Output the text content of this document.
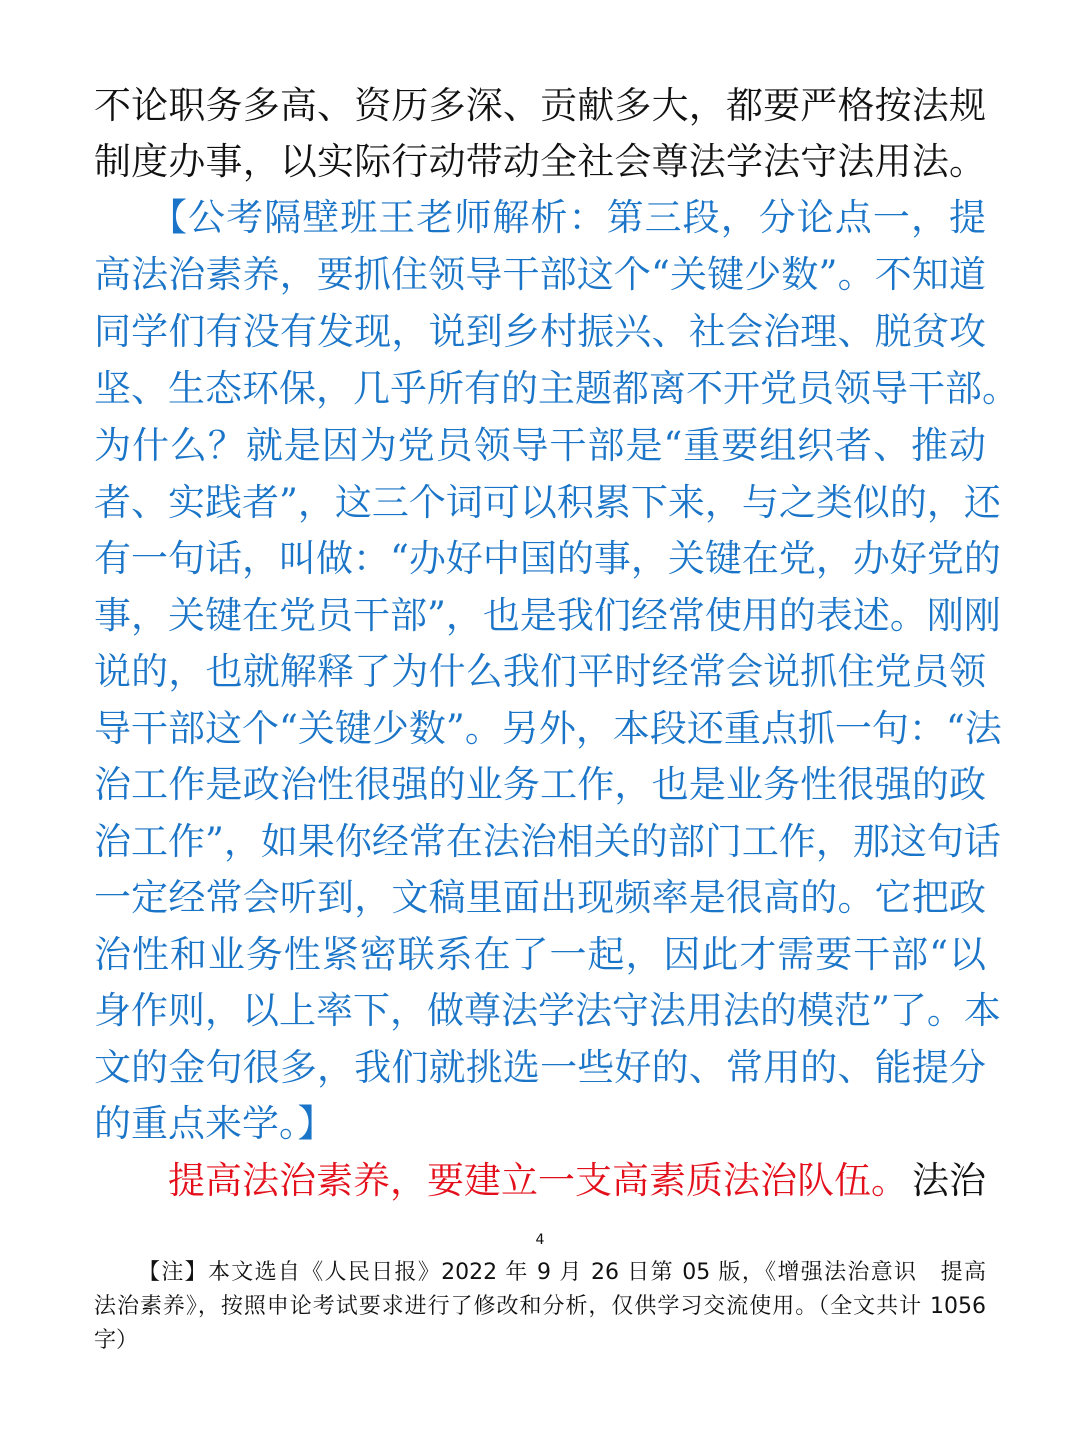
不论职务多高、资历多深、贡献多大，都要严格按法规
制度办事，以实际行动带动全社会尊法学法守法用法。
【公考隔壁班王老师解析：第三段，分论点一，提
高法治素养，要抓住领导干部这个“关键少数”。不知道
同学们有没有发现，说到乡村振兴、社会治理、脱贫攻
坚、生态环保，几乎所有的主题都离不开党员领导干部。
为什么？就是因为党员领导干部是“重要组织者、推动
者、实践者”，这三个词可以积累下来，与之类似的，还
有一句话，叫做：“办好中国的事，关键在党，办好党的
事，关键在党员干部”，也是我们经常使用的表述。刚刚
说的，也就解释了为什么我们平时经常会说抓住党员领
导干部这个“关键少数”。另外，本段还重点抓一句：“法
治工作是政治性很强的业务工作，也是业务性很强的政
治工作”，如果你经常在法治相关的部门工作，那这句话
一定经常会听到，文稿里面出现频率是很高的。它把政
治性和业务性紧密联系在了一起，因此才需要干部“以
身作则，以上率下，做尊法学法守法用法的模范”了。本
文的金句很多，我们就挑选一些好的、常用的、能提分
的重点来学。】
提高法治素养，要建立一支高素质法治队伍。 法治
4
【注】本文选自《人民日报》2022 年 9 月 26 日第 05 版，《增强法治意识　提高
法治素养》，按照申论考试要求进行了修改和分析，仅供学习交流使用。（全文共计 1056
字）
